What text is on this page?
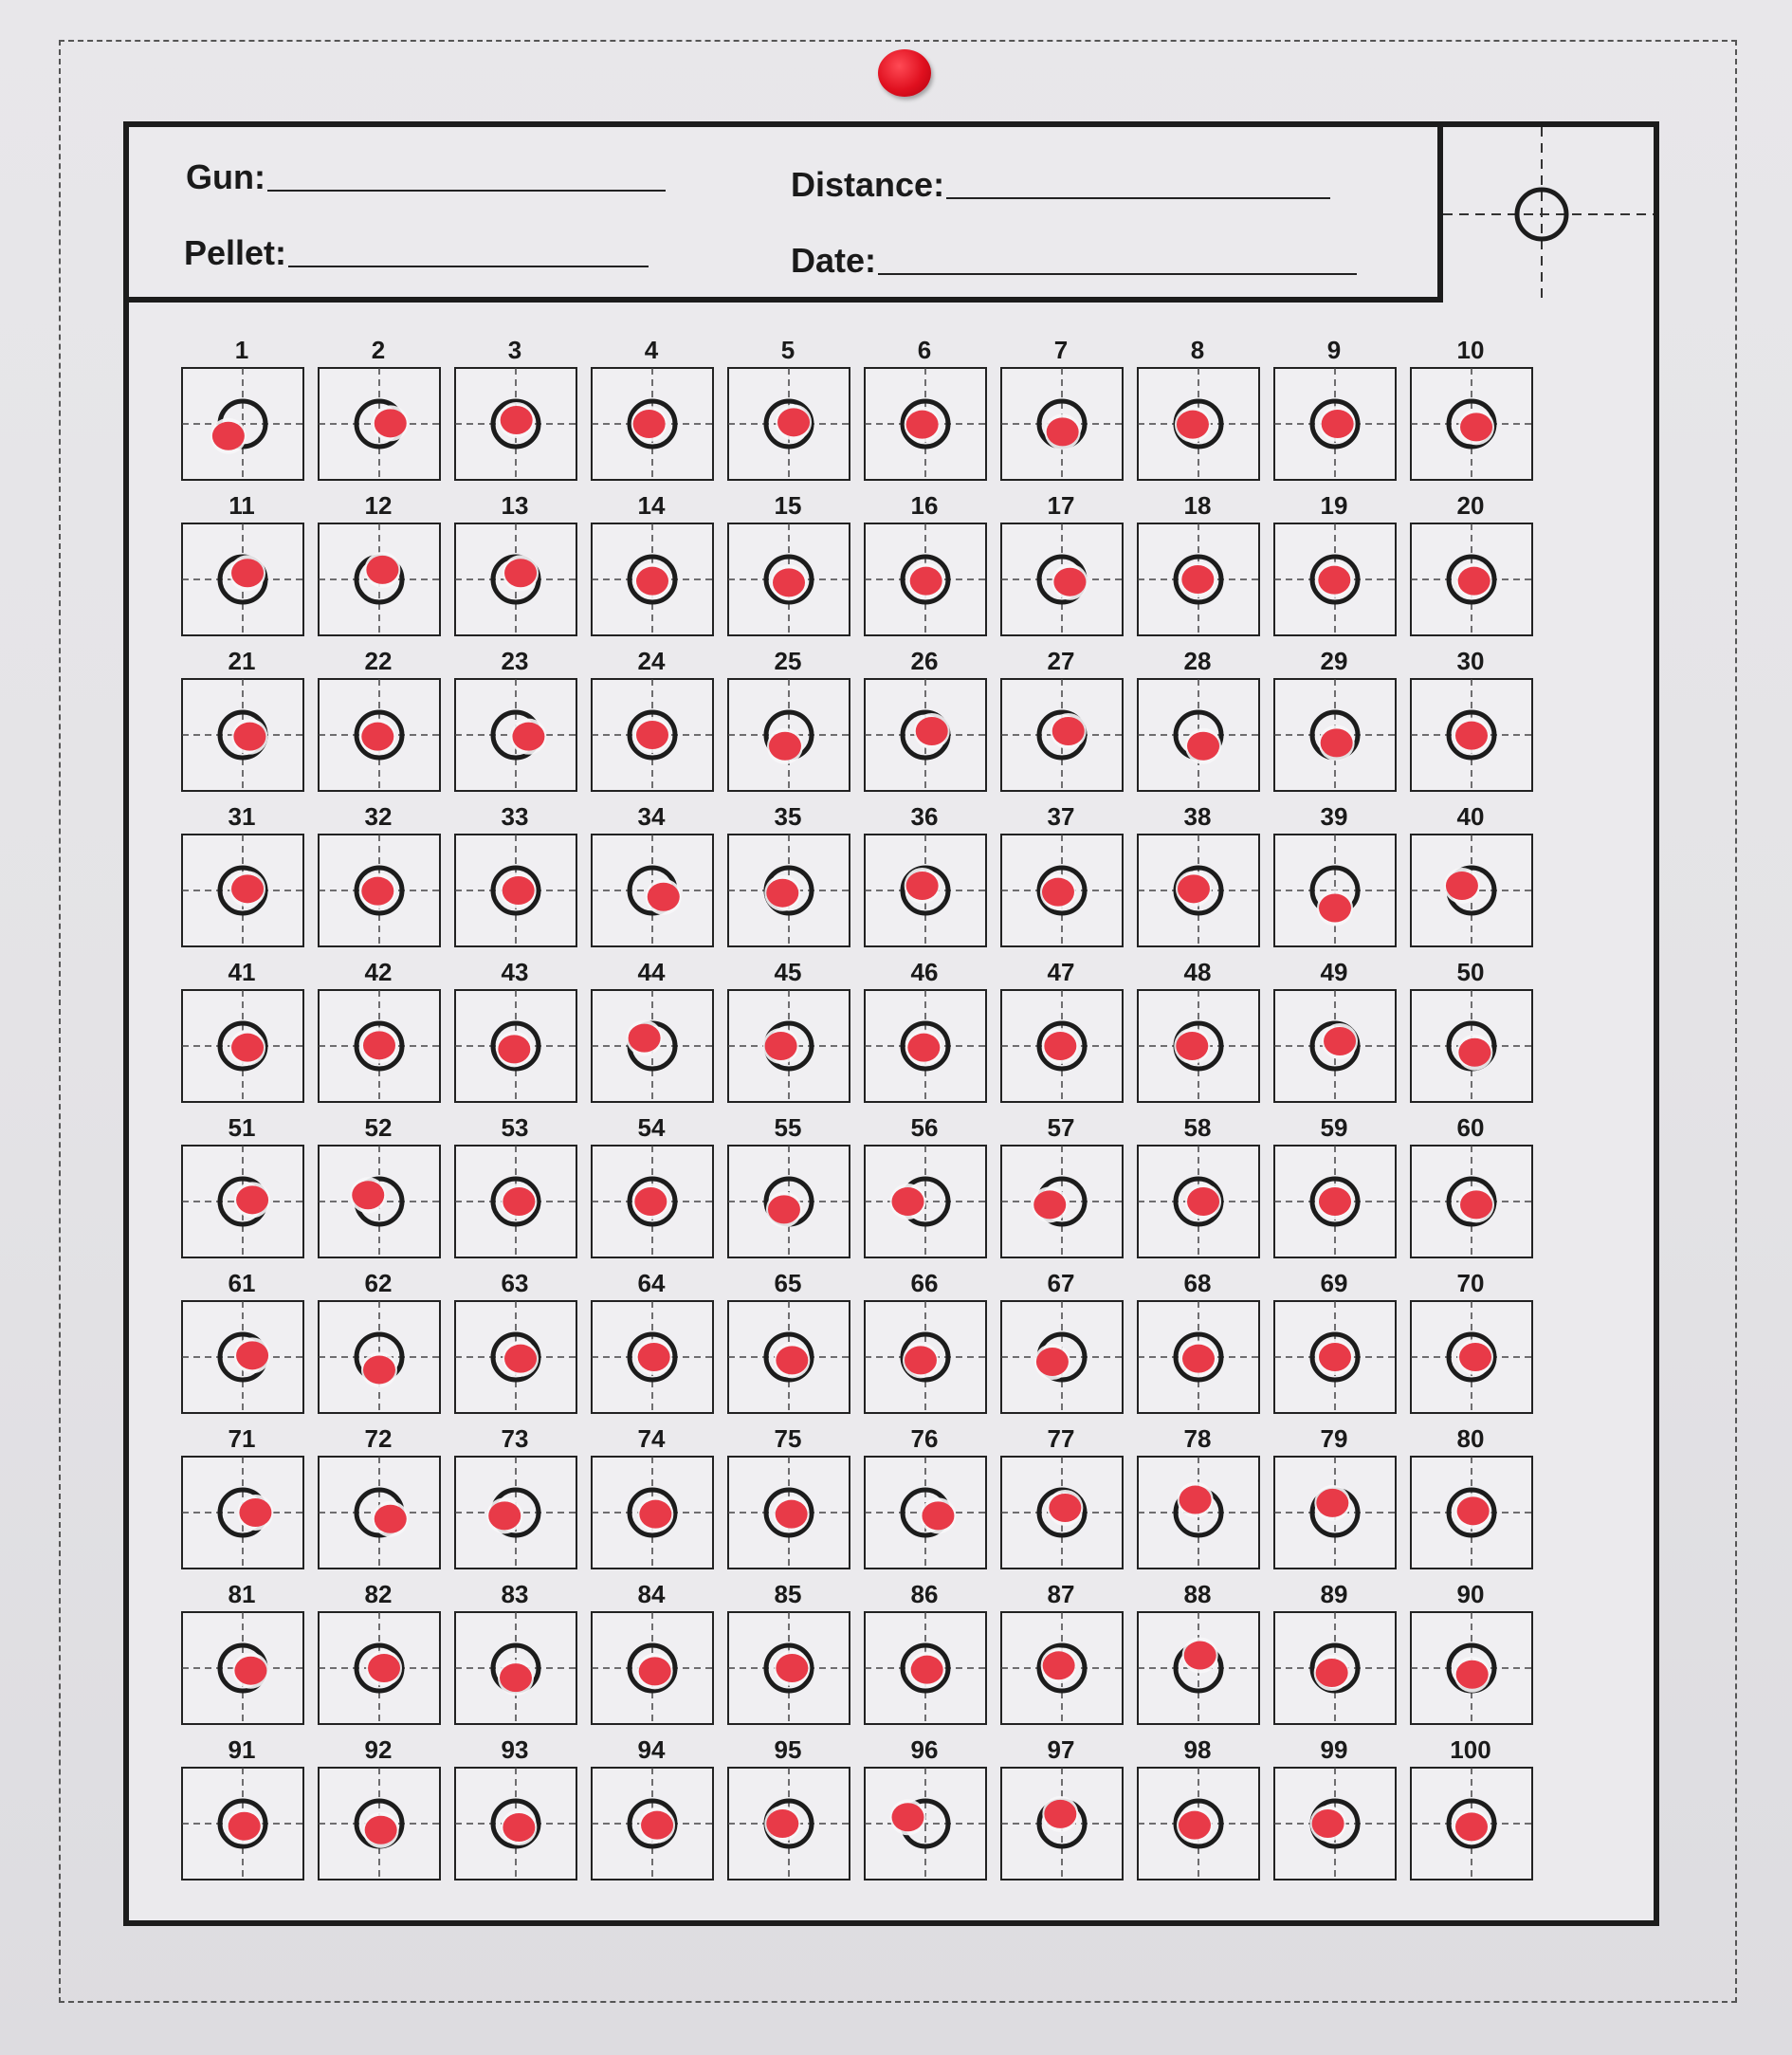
Gun:	Distance:
Pellet:	Date:
1	2	3	4	5	6	7	8	9	10
11	12	13	14	15	16	17	18	19	20
21	22	23	24	25	26	27	28	29	30
31	32	33	34	35	36	37	38	39	40
41	42	43	44	45	46	47	48	49	50
51	52	53	54	55	56	57	58	59	60
61	62	63	64	65	66	67	68	69	70
71	72	73	74	75	76	77	78	79	80
81	82	83	84	85	86	87	88	89	90
91	92	93	94	95	96	97	98	99	100
